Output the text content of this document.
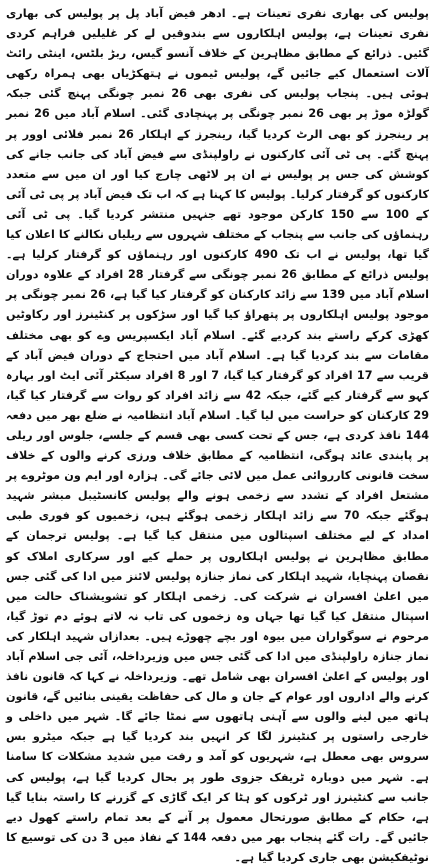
پولیس کی بھاری نفری تعینات ہے۔ ادھر فیض آباد پل پر پولیس کی بھاری نفری تعینات ہے، پولیس اہلکاروں سے بندوقیں لے کر غلیلیں فراہم کردی گئیں۔ ذرائع کے مطابق مظاہرین کے خلاف آنسو گیس، ربڑ بلٹس، اینٹی رائٹ آلات استعمال کیے جائیں گے، پولیس ٹیموں نے ہتھکڑیاں بھی ہمراہ رکھی ہوئی ہیں۔ پنجاب پولیس کی نفری بھی 26 نمبر چونگی پہنچ گئی جبکہ گولڑہ موڑ پر بھی 26 نمبر چونگی پر پہنچادی گئی۔ اسلام آباد میں 26 نمبر پر رینجرز کو بھی الرٹ کردیا گیا، رینجرز کے اہلکار 26 نمبر فلائی اوور پر پہنچ گئے۔ پی ٹی آئی کارکنوں نے راولپنڈی سے فیض آباد کی جانب جانے کی کوشش کی جس پر پولیس نے ان پر لاٹھی چارج کیا اور ان میں سے متعدد کارکنوں کو گرفتار کرلیا۔ پولیس کا کہنا ہے کہ اب تک فیض آباد پر پی ٹی آئی کے 100 سے 150 کارکن موجود تھے جنہیں منتشر کردیا گیا۔ پی ٹی آئی رہنماؤں کی جانب سے پنجاب کے مختلف شہروں سے ریلیاں نکالنے کا اعلان کیا گیا تھا، پولیس نے اب تک 490 کارکنوں اور رہنماؤں کو گرفتار کرلیا ہے۔ پولیس ذرائع کے مطابق 26 نمبر چونگی سے گرفتار 28 افراد کے علاوہ دوران اسلام آباد میں 139 سے زائد کارکنان کو گرفتار کیا گیا ہے، 26 نمبر چونگی پر موجود پولیس اہلکاروں پر پتھراؤ کیا گیا اور سڑکوں پر کنٹینرز اور رکاوٹیں کھڑی کرکے راستے بند کردیے گئے۔ اسلام آباد ایکسپریس وے کو بھی مختلف مقامات سے بند کردیا گیا ہے۔ اسلام آباد میں احتجاج کے دوران فیض آباد کے قریب سے 17 افراد کو گرفتار کیا گیا، 7 اور 8 افراد سیکٹر آئی ایٹ اور بہارہ کہو سے گرفتار کیے گئے، جبکہ 42 سے زائد افراد کو روات سے گرفتار کیا گیا، 29 کارکنان کو حراست میں لیا گیا۔ اسلام آباد انتظامیہ نے ضلع بھر میں دفعہ 144 نافذ کردی ہے، جس کے تحت کسی بھی قسم کے جلسے، جلوس اور ریلی پر پابندی عائد ہوگی، انتظامیہ کے مطابق خلاف ورزی کرنے والوں کے خلاف سخت قانونی کارروائی عمل میں لائی جائے گی۔ ہزارہ اور ایم ون موٹروے پر مشتعل افراد کے تشدد سے زخمی ہونے والے پولیس کانسٹیبل مبشر شہید ہوگئے جبکہ 70 سے زائد اہلکار زخمی ہوگئے ہیں، زخمیوں کو فوری طبی امداد کے لیے مختلف اسپتالوں میں منتقل کیا گیا ہے۔ پولیس ترجمان کے مطابق مظاہرین نے پولیس اہلکاروں پر حملے کیے اور سرکاری املاک کو نقصان پہنچایا، شہید اہلکار کی نماز جنازہ پولیس لائنز میں ادا کی گئی جس میں اعلیٰ افسران نے شرکت کی۔ زخمی اہلکار کو تشویشناک حالت میں اسپتال منتقل کیا گیا تھا جہاں وہ زخموں کی تاب نہ لاتے ہوئے دم توڑ گیا، مرحوم نے سوگواران میں بیوہ اور بچے چھوڑے ہیں۔ بعدازاں شہید اہلکار کی نماز جنازہ راولپنڈی میں ادا کی گئی جس میں وزیرداخلہ، آئی جی اسلام آباد اور پولیس کے اعلیٰ افسران بھی شامل تھے۔ وزیرداخلہ نے کہا کہ قانون نافذ کرنے والے اداروں اور عوام کے جان و مال کی حفاظت یقینی بنائیں گے، قانون ہاتھ میں لینے والوں سے آہنی ہاتھوں سے نمٹا جائے گا۔ شہر میں داخلی و خارجی راستوں پر کنٹینرز لگا کر انہیں بند کردیا گیا ہے جبکہ میٹرو بس سروس بھی معطل ہے، شہریوں کو آمد و رفت میں شدید مشکلات کا سامنا ہے۔ شہر میں دوبارہ ٹریفک جزوی طور پر بحال کردیا گیا ہے، پولیس کی جانب سے کنٹینرز اور ٹرکوں کو ہٹا کر ایک گاڑی کے گزرنے کا راستہ بنایا گیا ہے، حکام کے مطابق صورتحال معمول پر آنے کے بعد تمام راستے کھول دیے جائیں گے۔ رات گئے پنجاب بھر میں دفعہ 144 کے نفاذ میں 3 دن کی توسیع کا نوٹیفکیشن بھی جاری کردیا گیا ہے۔
